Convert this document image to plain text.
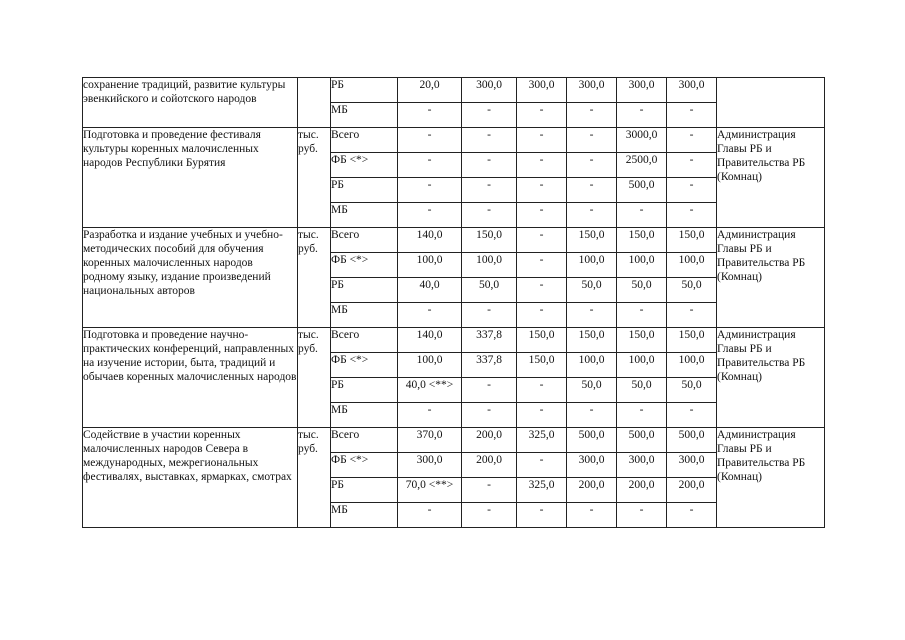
сохранение традиций, развитие культуры эвенкийского и сойотского народов		РБ	20,0	300,0	300,0	300,0	300,0	300,0	
		МБ	-	-	-	-	-	-	
Подготовка и проведение фестиваля культуры коренных малочисленных народов Республики Бурятия	тыс. руб.	Всего	-	-	-	-	3000,0	-	Администрация Главы РБ и Правительства РБ (Комнац)
		ФБ <*>	-	-	-	-	2500,0	-	
		РБ	-	-	-	-	500,0	-	
		МБ	-	-	-	-	-	-	
Разработка и издание учебных и учебно-методических пособий для обучения коренных малочисленных народов родному языку, издание произведений национальных авторов	тыс. руб.	Всего	140,0	150,0	-	150,0	150,0	150,0	Администрация Главы РБ и Правительства РБ (Комнац)
		ФБ <*>	100,0	100,0	-	100,0	100,0	100,0	
		РБ	40,0	50,0	-	50,0	50,0	50,0	
		МБ	-	-	-	-	-	-	
Подготовка и проведение научно-практических конференций, направленных на изучение истории, быта, традиций и обычаев коренных малочисленных народов	тыс. руб.	Всего	140,0	337,8	150,0	150,0	150,0	150,0	Администрация Главы РБ и Правительства РБ (Комнац)
		ФБ <*>	100,0	337,8	150,0	100,0	100,0	100,0	
		РБ	40,0 <**>	-	-	50,0	50,0	50,0	
		МБ	-	-	-	-	-	-	
Содействие в участии коренных малочисленных народов Севера в международных, межрегиональных фестивалях, выставках, ярмарках, смотрах	тыс. руб.	Всего	370,0	200,0	325,0	500,0	500,0	500,0	Администрация Главы РБ и Правительства РБ (Комнац)
		ФБ <*>	300,0	200,0	-	300,0	300,0	300,0	
		РБ	70,0 <**>	-	325,0	200,0	200,0	200,0	
		МБ	-	-	-	-	-	-	
